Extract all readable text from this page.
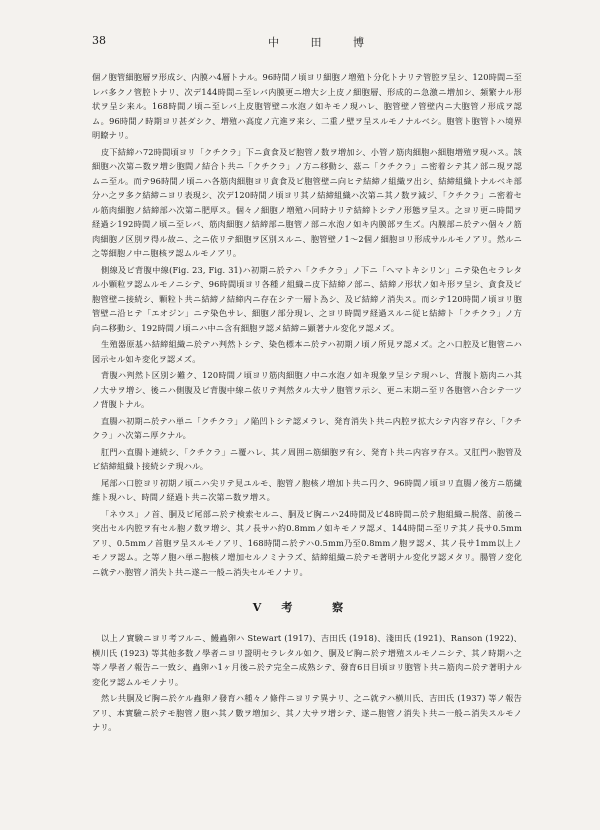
38	中 田 博

個ノ胞管細胞層ヲ形成シ、内膜ハ4層トナル。96時間ノ頃ヨリ細胞ノ増殖ト分化トナリテ管腔ヲ呈シ、120時間ニ至レバ多クノ管腔トナリ、次デ144時間ニ至レバ内膜更ニ増大シ上皮ノ細胞層、形成的ニ急激ニ増加シ、頻繁ナル形状ヲ呈シ来ル。168時間ノ頃ニ至レバ上皮胞管壁ニ水泡ノ如キモノ現ハレ、胞管壁ノ管壁内ニ大胞管ノ形成ヲ認ム。96時間ノ時期ヨリ甚ダシク、増殖ハ高度ノ亢進ヲ来シ、二重ノ壁ヲ呈スルモノナルベシ。胞管ト胞管トハ境界明瞭ナリ。

皮下結締ハ72時間頃ヨリ「クチクラ」下ニ貪食及ビ胞管ノ数ヲ増加シ、小管ノ筋肉細胞ハ細胞増殖ヲ現ハス。該細胞ハ次第ニ数ヲ増シ胞間ノ結合ト共ニ「クチクラ」ノ方ニ移動シ、茲ニ「クチクラ」ニ密着シテ其ノ部ニ現ヲ認ムニ至ル。而テ96時間ノ頃ニハ各筋肉細胞ヨリ貪食及ビ胞管壁ニ向ヒテ結締ノ組織ヲ出シ、結締組織トナルベキ部分ハ之ヲ多ク結締ニヨリ表現シ、次デ120時間ノ頃ヨリ其ノ結締組織ハ次第ニ其ノ数ヲ減ジ、「クチクラ」ニ密着セル筋肉細胞ノ結締部ハ次第ニ肥厚ス。個々ノ細胞ノ増殖ハ同時ナリテ結締トシテノ形態ヲ呈ス。之ヨリ更ニ時間ヲ経過シ192時間ノ頃ニ至レバ、筋肉細胞ノ結締部ニ胞管ノ部ニ水泡ノ如キ内膜部ヲ生ズ。内膜部ニ於テハ個々ノ筋肉細胞ノ区別ヲ得ル故ニ、之ニ依リテ細胞ヲ区別スルニ、胞管壁ノ1〜2個ノ細胞ヨリ形成サルルモノアリ。然ルニ之等細胞ノ中ニ胞核ヲ認ムルモノアリ。

側線及ビ背腹中線(Fig. 23, Fig. 31)ハ初期ニ於テハ「クチクラ」ノ下ニ「ヘマトキシリン」ニテ染色セラレタル小顆粒ヲ認ムルモノニシテ、96時間頃ヨリ各種ノ組織ニ皮下結締ノ部ニ、結締ノ形状ノ如キ形ヲ呈シ、貪食及ビ胞管壁ニ接続シ、顆粒ト共ニ結締ノ結締内ニ存在シテ一層ト為シ、及ビ結締ノ消失ス。而シテ120時間ノ頃ヨリ胞管壁ニ沿ヒテ「エオジン」ニテ染色サレ、細胞ノ部分現レ、之ヨリ時間ヲ経過スルニ従ヒ結締ト「クチクラ」ノ方向ニ移動シ、192時間ノ頃ニハ中ニ含有細胞ヲ認メ結締ニ顕著ナル変化ヲ認メズ。

生殖器原基ハ結締組織ニ於テハ判然トシテ、染色標本ニ於テハ初期ノ頃ノ所見ヲ認メズ。之ハ口腔及ビ胞管ニハ図示セル如キ変化ヲ認メズ。

背腹ハ判然ト区別シ難ク、120時間ノ頃ヨリ筋肉細胞ノ中ニ水泡ノ如キ現象ヲ呈シテ現ハレ、背腹ト筋肉ニハ其ノ大サヲ増シ、後ニハ側腹及ビ背腹中線ニ依リテ判然タル大サノ胞管ヲ示シ、更ニ末期ニ至リ各胞管ハ合シテ一ツノ背腹トナル。

直腸ハ初期ニ於テハ単ニ「クチクラ」ノ陥凹トシテ認メラレ、発育消失ト共ニ内腔ヲ拡大シテ内容ヲ存シ、「クチクラ」ハ次第ニ厚クナル。

肛門ハ直腸ト連続シ、「クチクラ」ニ覆ハレ、其ノ周囲ニ筋細胞ヲ有シ、発育ト共ニ内容ヲ存ス。又肛門ハ胞管及ビ結締組織ト接続シテ現ハル。

尾部ハ口腔ヨリ初期ノ頃ニハ尖リテ見ユルモ、胞管ノ胞核ノ増加ト共ニ円ク、96時間ノ頃ヨリ直腸ノ後方ニ筋繊維ト現ハレ、時間ノ経過ト共ニ次第ニ数ヲ増ス。

「ネウス」ノ首、胴及ビ尾部ニ於テ検索セルニ、胴及ビ胸ニハ24時間及ビ48時間ニ於テ胞組織ニ脱落、前後ニ突出セル内腔ヲ有セル胞ノ数ヲ増シ、其ノ長サハ約0.8mmノ如キモノヲ認メ、144時間ニ至リテ其ノ長サ0.5mmアリ、0.5mmノ首胞ヲ呈スルモノアリ、168時間ニ於テハ0.5mm乃至0.8mmノ胞ヲ認メ、其ノ長サ1mm以上ノモノヲ認ム。之等ノ胞ハ単ニ胞核ノ增加セルノミナラズ、結締組織ニ於テモ著明ナル変化ヲ認メタリ。腸管ノ変化ニ就テハ胞管ノ消失ト共ニ遂ニ一般ニ消失セルモノナリ。

V 考 察

以上ノ實験ニヨリ考フルニ、鰻蟲卵ハ Stewart (1917)、吉田氏 (1918)、淺田氏 (1921)、Ranson (1922)、横川氏 (1923) 等其他多数ノ學者ニヨリ證明セラレタル如ク、胴及ビ胸ニ於テ增殖スルモノニシテ、其ノ時期ハ之等ノ學者ノ報告ニ一致シ、蟲卵ハ1ヶ月後ニ於テ完全ニ成熟シテ、發育6日目頃ヨリ胞管ト共ニ筋肉ニ於テ著明ナル変化ヲ認ムルモノナリ。

然レ共胴及ビ胸ニ於ケル蟲卵ノ發育ハ種々ノ條件ニヨリテ異ナリ、之ニ就テハ横川氏、吉田氏 (1937) 等ノ報告アリ、本實驗ニ於テモ胞管ノ胞ハ其ノ數ヲ増加シ、其ノ大サヲ增シテ、遂ニ胞管ノ消失ト共ニ一般ニ消失スルモノナリ。
